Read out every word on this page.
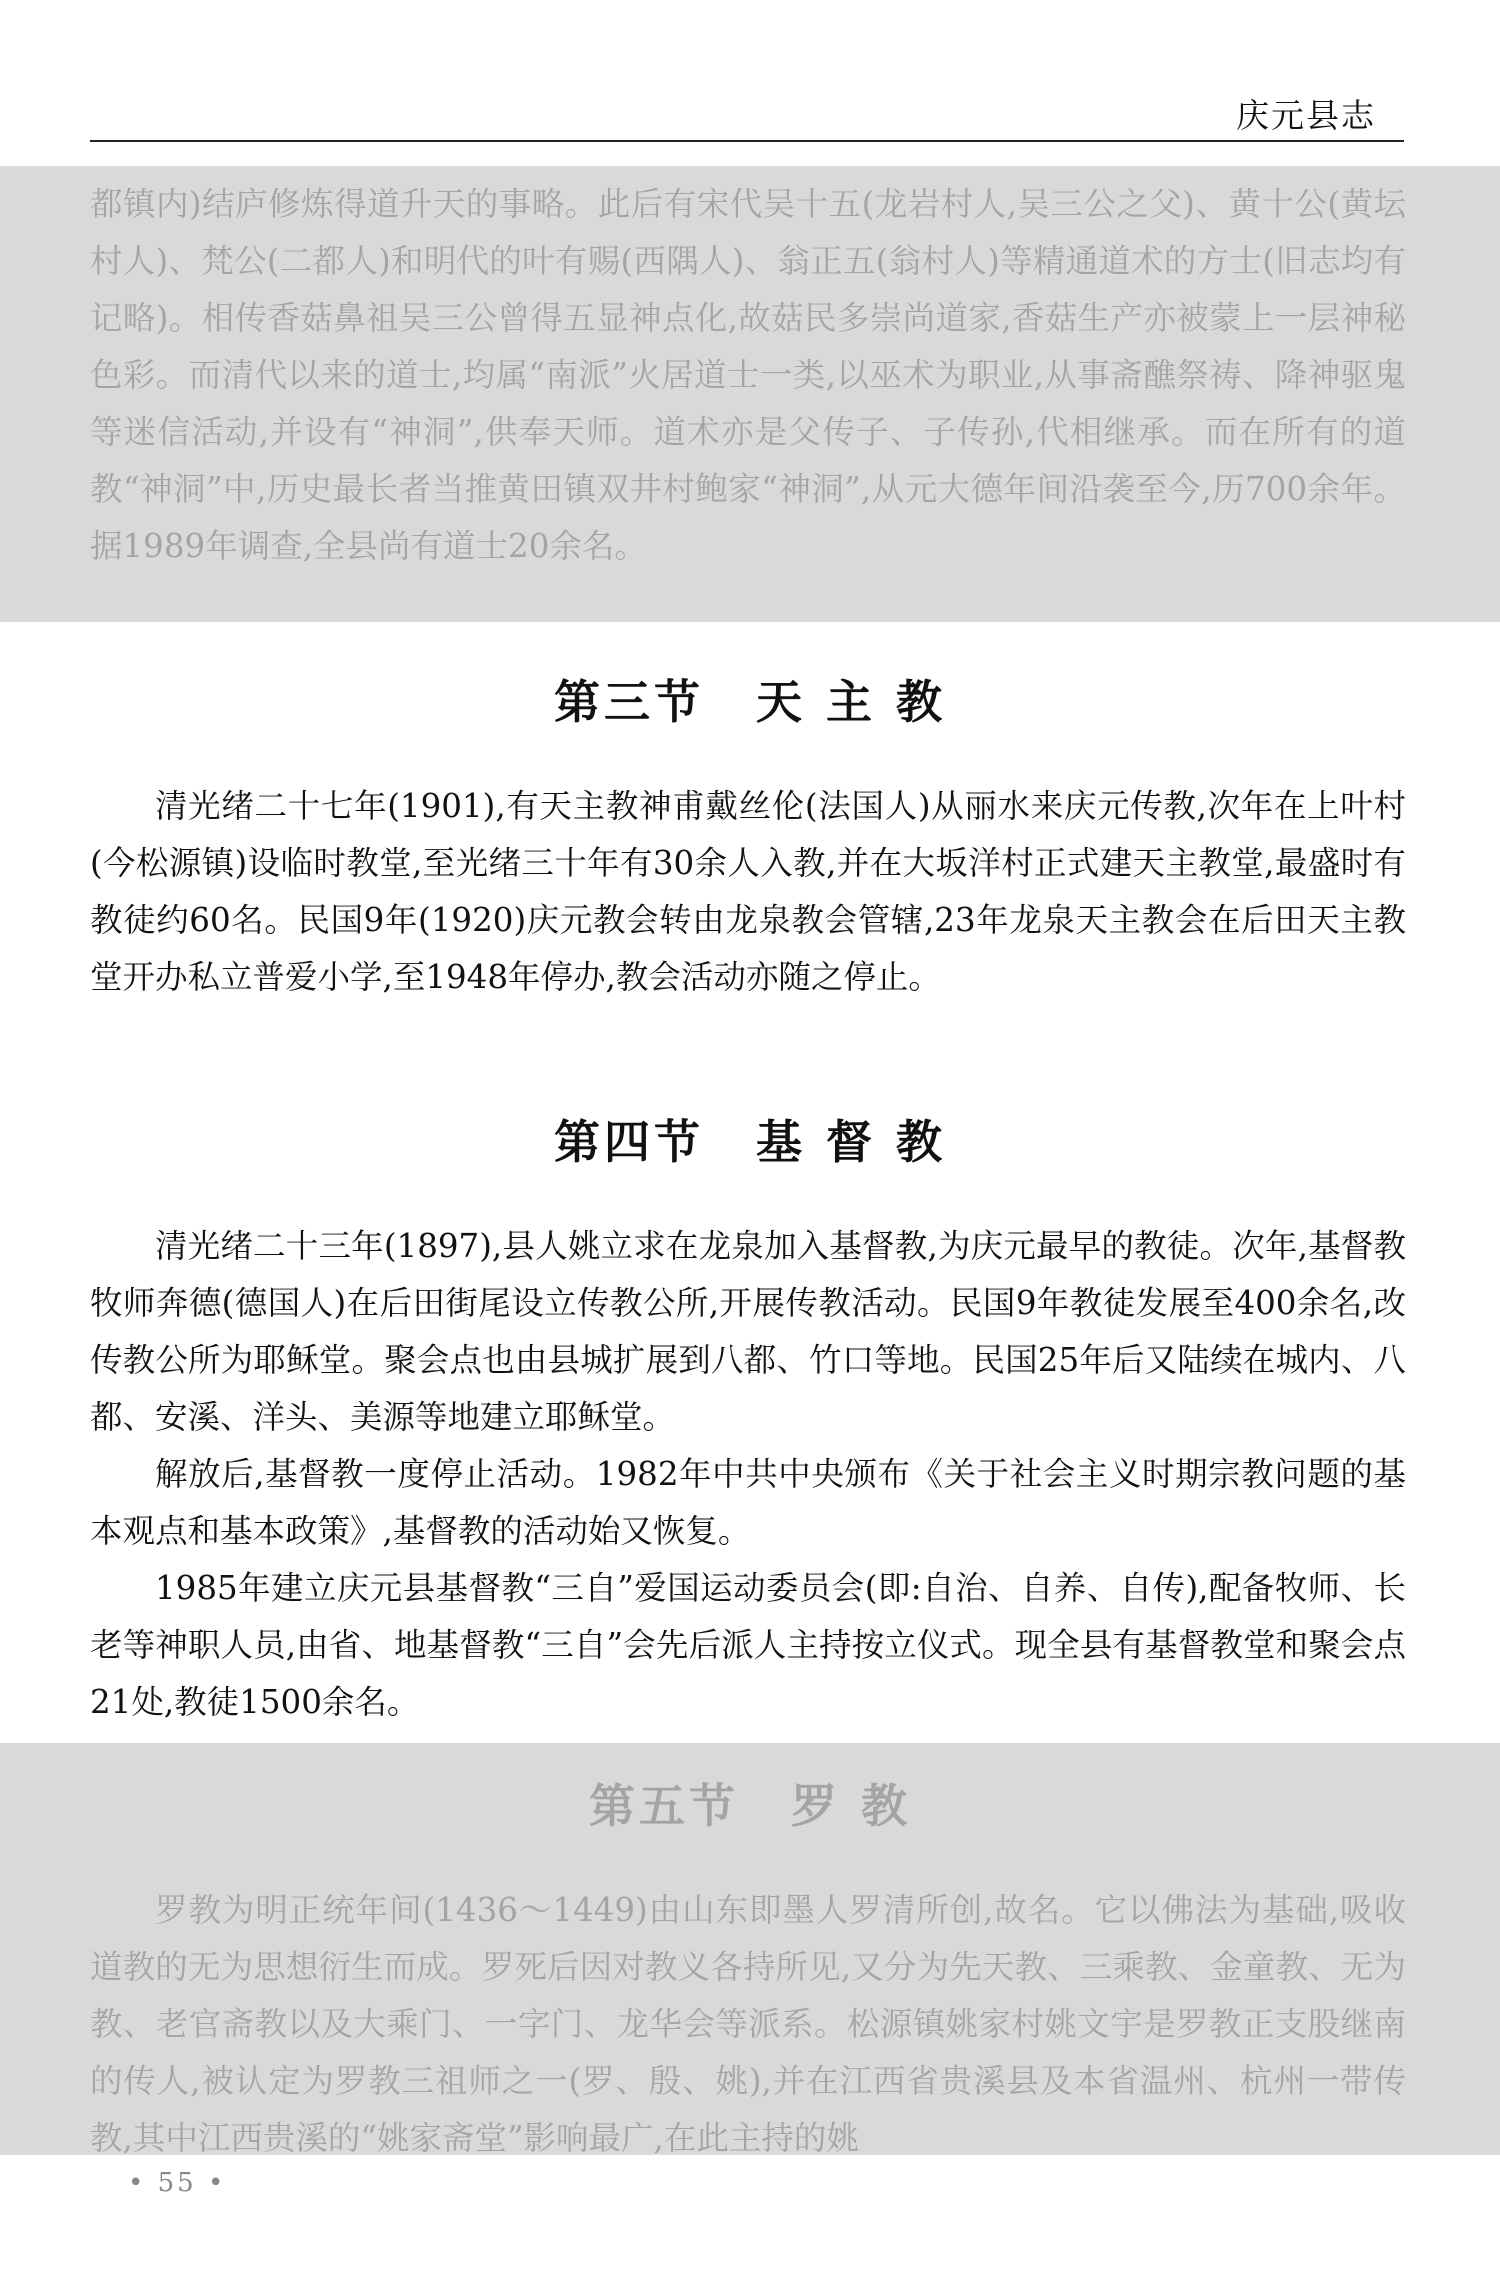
庆元县志

都镇内)结庐修炼得道升天的事略。此后有宋代吴十五(龙岩村人,吴三公之父)、黄十公(黄坛村人)、梵公(二都人)和明代的叶有赐(西隅人)、翁正五(翁村人)等精通道术的方士(旧志均有记略)。相传香菇鼻祖吴三公曾得五显神点化,故菇民多崇尚道家,香菇生产亦被蒙上一层神秘色彩。而清代以来的道士,均属“南派”火居道士一类,以巫术为职业,从事斋醮祭祷、降神驱鬼等迷信活动,并设有“神洞”,供奉天师。道术亦是父传子、子传孙,代相继承。而在所有的道教“神洞”中,历史最长者当推黄田镇双井村鲍家“神洞”,从元大德年间沿袭至今,历700余年。据1989年调查,全县尚有道士20余名。

第三节 天 主 教

清光绪二十七年(1901),有天主教神甫戴丝伦(法国人)从丽水来庆元传教,次年在上叶村(今松源镇)设临时教堂,至光绪三十年有30余人入教,并在大坂洋村正式建天主教堂,最盛时有教徒约60名。民国9年(1920)庆元教会转由龙泉教会管辖,23年龙泉天主教会在后田天主教堂开办私立普爱小学,至1948年停办,教会活动亦随之停止。

第四节 基 督 教

清光绪二十三年(1897),县人姚立求在龙泉加入基督教,为庆元最早的教徒。次年,基督教牧师奔德(德国人)在后田街尾设立传教公所,开展传教活动。民国9年教徒发展至400余名,改传教公所为耶稣堂。聚会点也由县城扩展到八都、竹口等地。民国25年后又陆续在城内、八都、安溪、洋头、美源等地建立耶稣堂。

解放后,基督教一度停止活动。1982年中共中央颁布《关于社会主义时期宗教问题的基本观点和基本政策》,基督教的活动始又恢复。

1985年建立庆元县基督教“三自”爱国运动委员会(即:自治、自养、自传),配备牧师、长老等神职人员,由省、地基督教“三自”会先后派人主持按立仪式。现全县有基督教堂和聚会点21处,教徒1500余名。

第五节 罗 教

罗教为明正统年间(1436～1449)由山东即墨人罗清所创,故名。它以佛法为基础,吸收道教的无为思想衍生而成。罗死后因对教义各持所见,又分为先天教、三乘教、金童教、无为教、老官斋教以及大乘门、一字门、龙华会等派系。松源镇姚家村姚文宇是罗教正支股继南的传人,被认定为罗教三祖师之一(罗、殷、姚),并在江西省贵溪县及本省温州、杭州一带传教,其中江西贵溪的“姚家斋堂”影响最广,在此主持的姚

• 55 •
